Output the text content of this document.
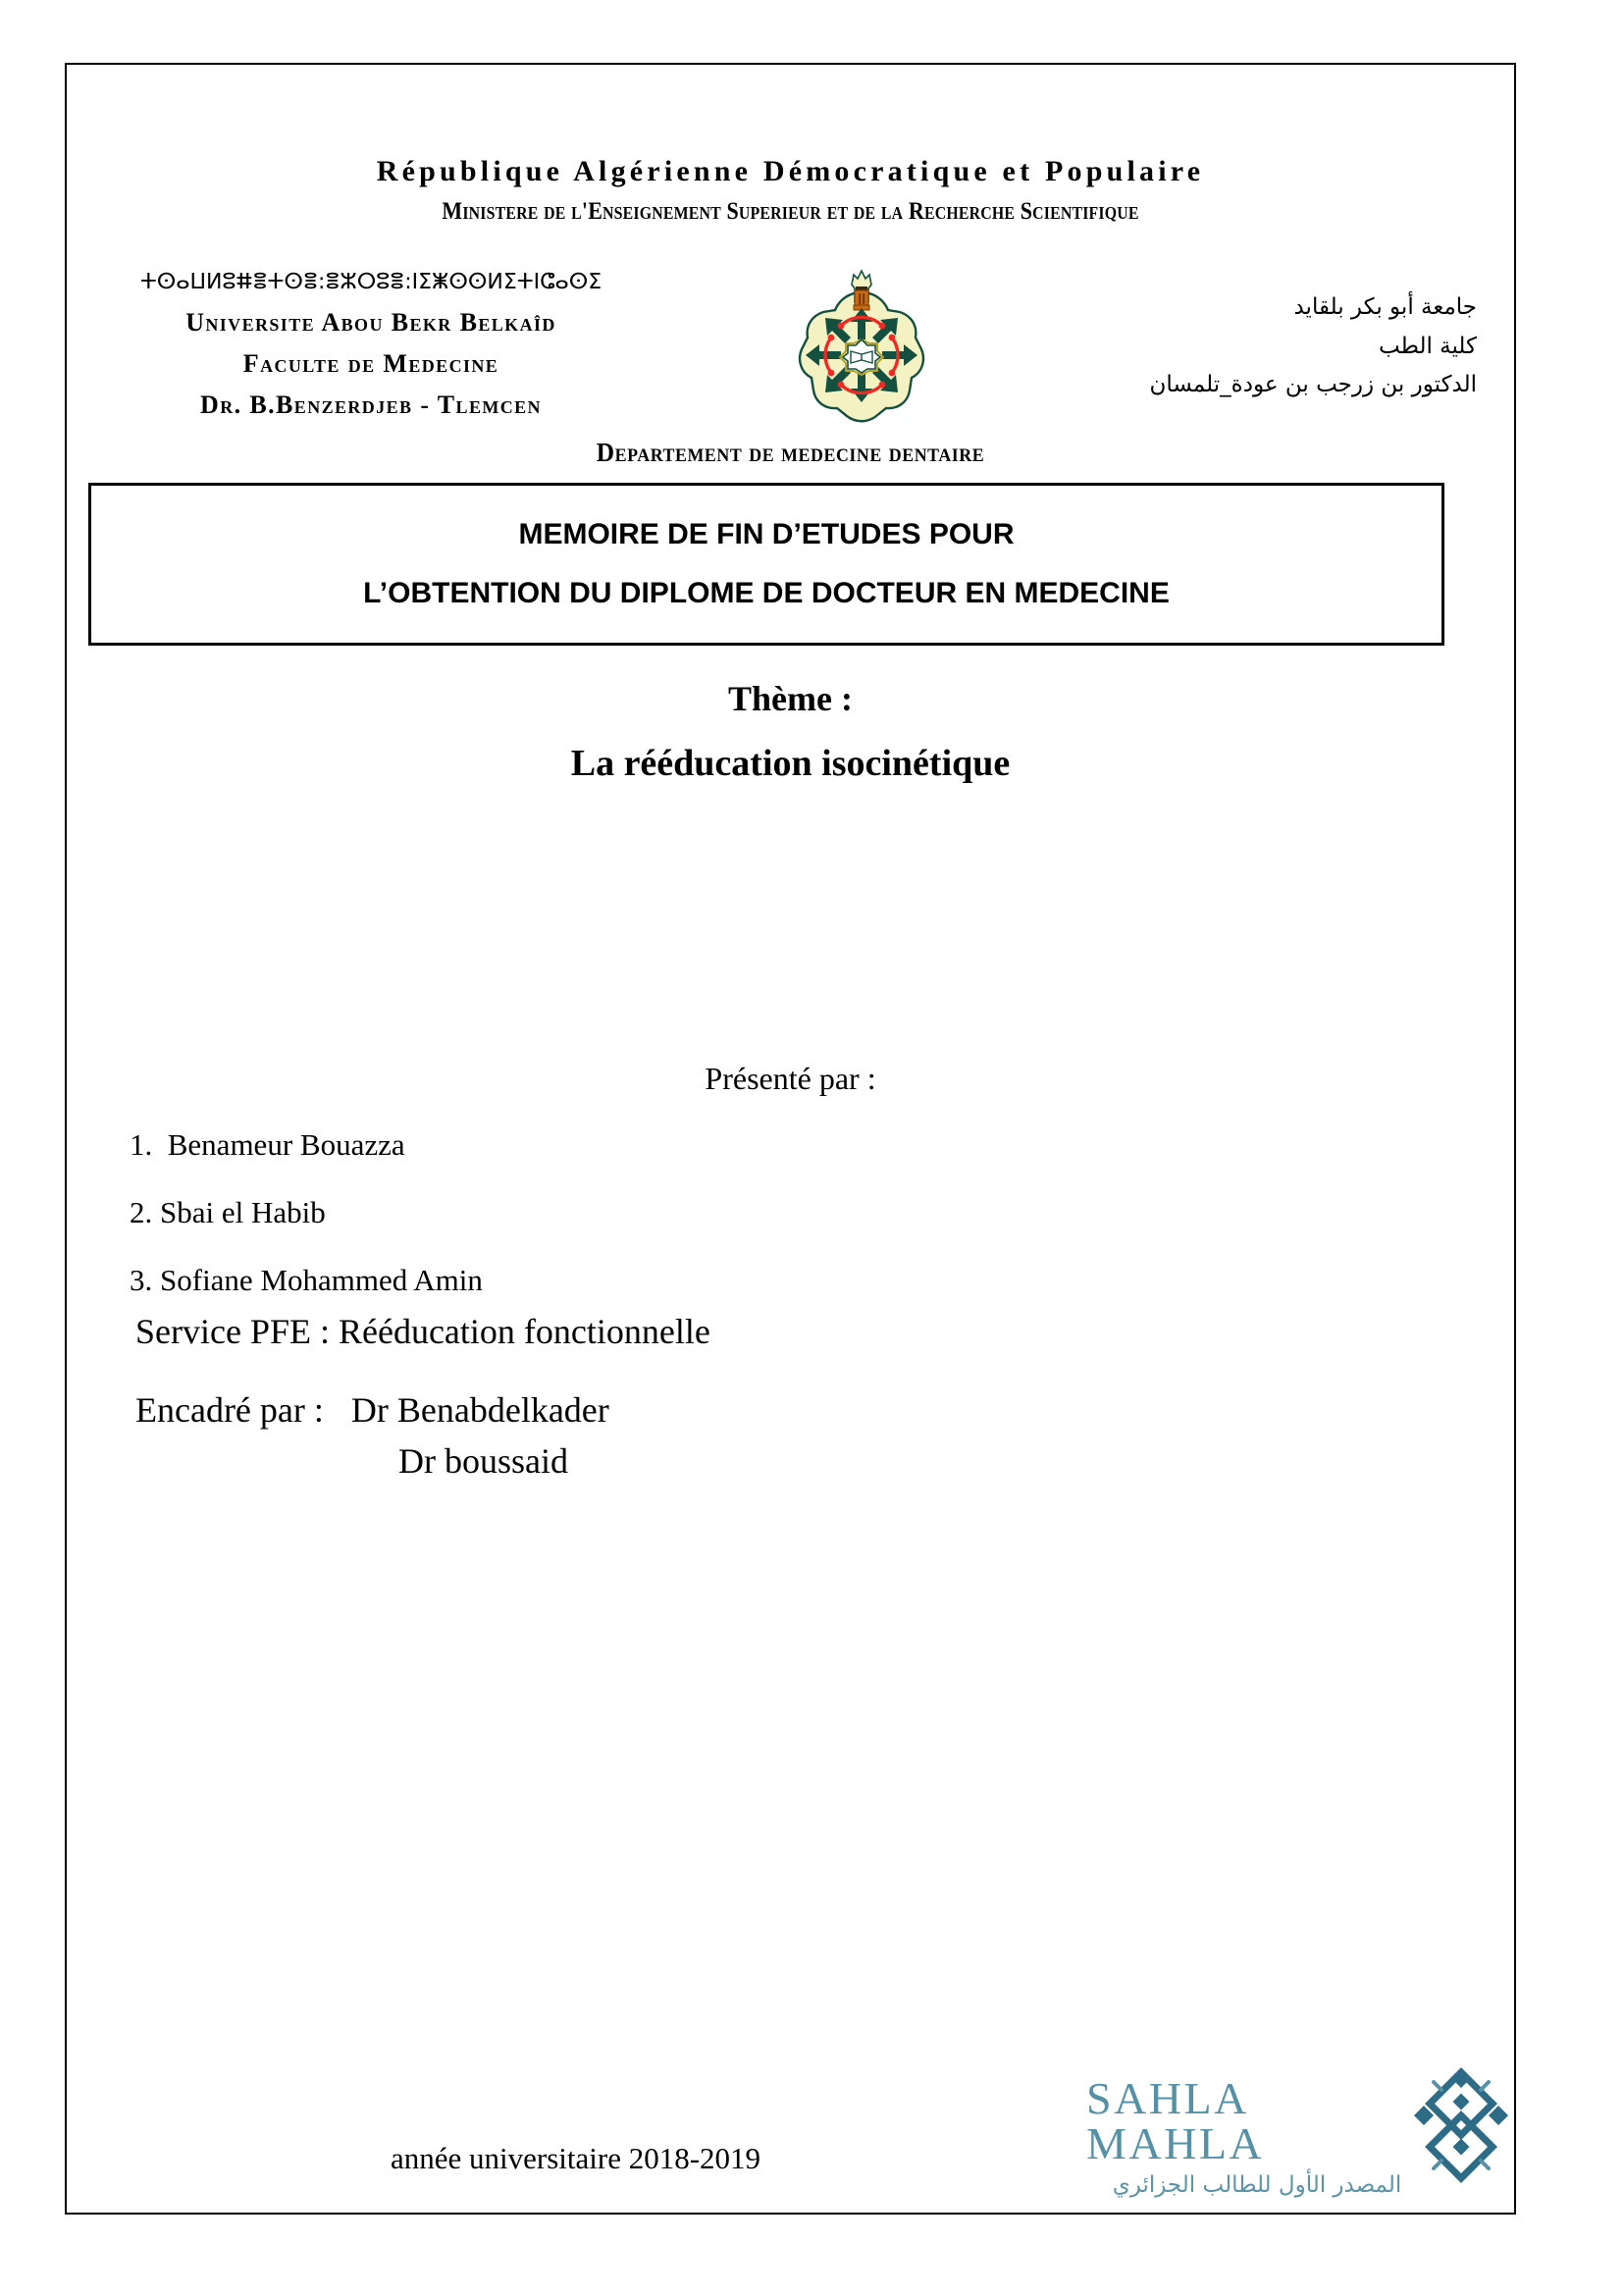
République Algérienne Démocratique et Populaire
Ministere de l'Enseignement Superieur et de la Recherche Scientifique
ⵜⵙⴰⵡⵍⵓⵌⴻⵜⵙⴻ:ⴻⵣⵔⵓⴻ:ⵏⵉⵥⵙⵙⵍⵉⵜⵏⵛⴰⵙⵉ
Universite Abou Bekr Belkaîd
Faculte de Medecine
Dr. B.Benzerdjeb - Tlemcen
جامعة أبو بكر بلقايد
كلية الطب
الدكتور بن زرجب بن عودة_تلمسان
Departement de medecine dentaire
MEMOIRE DE FIN D’ETUDES POUR
L’OBTENTION DU DIPLOME DE DOCTEUR EN MEDECINE
Thème :
La rééducation isocinétique
Présenté par :
1.  Benameur Bouazza
2. Sbai el Habib
3. Sofiane Mohammed Amin
Service PFE : Rééducation fonctionnelle
Encadré par : Dr Benabdelkader
Dr boussaid
année universitaire 2018-2019
SAHLA MAHLA
المصدر الأول للطالب الجزائري
